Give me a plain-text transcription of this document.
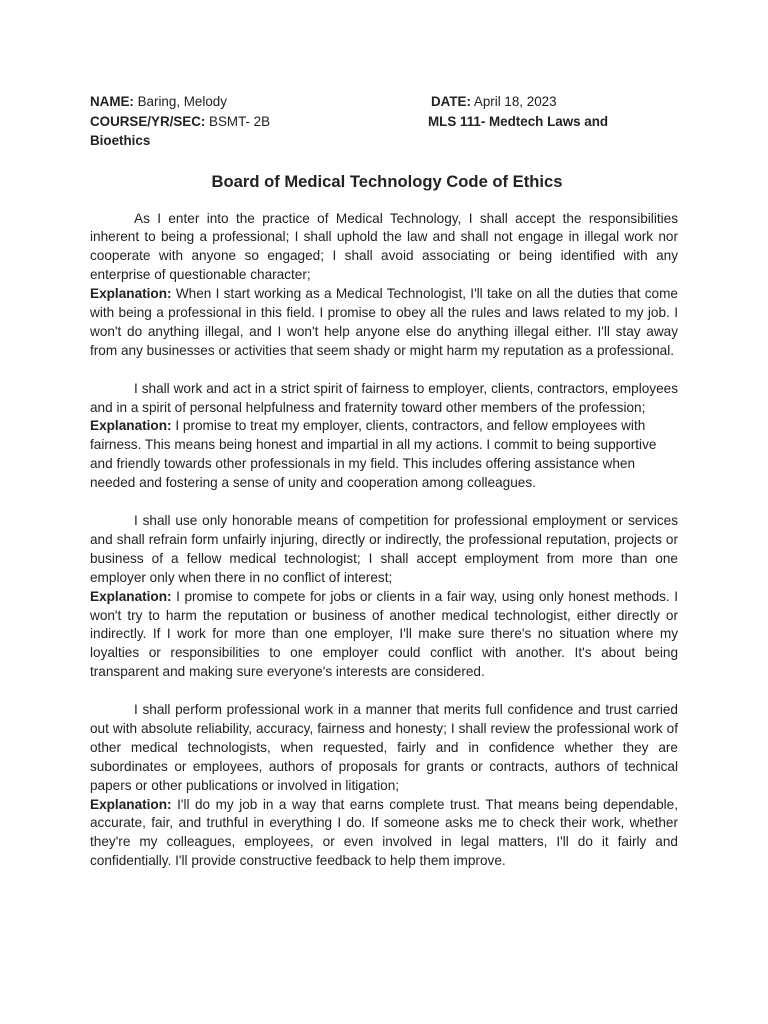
NAME: Baring, Melody	DATE: April 18, 2023
COURSE/YR/SEC: BSMT- 2B	MLS 111- Medtech Laws and
Bioethics
Board of Medical Technology Code of Ethics

As I enter into the practice of Medical Technology, I shall accept the responsibilities inherent to being a professional; I shall uphold the law and shall not engage in illegal work nor cooperate with anyone so engaged; I shall avoid associating or being identified with any enterprise of questionable character;

Explanation: When I start working as a Medical Technologist, I'll take on all the duties that come with being a professional in this field. I promise to obey all the rules and laws related to my job. I won't do anything illegal, and I won't help anyone else do anything illegal either. I'll stay away from any businesses or activities that seem shady or might harm my reputation as a professional.

I shall work and act in a strict spirit of fairness to employer, clients, contractors, employees and in a spirit of personal helpfulness and fraternity toward other members of the profession;

Explanation: I promise to treat my employer, clients, contractors, and fellow employees with fairness. This means being honest and impartial in all my actions. I commit to being supportive and friendly towards other professionals in my field. This includes offering assistance when needed and fostering a sense of unity and cooperation among colleagues.

I shall use only honorable means of competition for professional employment or services and shall refrain form unfairly injuring, directly or indirectly, the professional reputation, projects or business of a fellow medical technologist; I shall accept employment from more than one employer only when there in no conflict of interest;

Explanation: I promise to compete for jobs or clients in a fair way, using only honest methods. I won't try to harm the reputation or business of another medical technologist, either directly or indirectly. If I work for more than one employer, I'll make sure there's no situation where my loyalties or responsibilities to one employer could conflict with another. It's about being transparent and making sure everyone's interests are considered.

I shall perform professional work in a manner that merits full confidence and trust carried out with absolute reliability, accuracy, fairness and honesty; I shall review the professional work of other medical technologists, when requested, fairly and in confidence whether they are subordinates or employees, authors of proposals for grants or contracts, authors of technical papers or other publications or involved in litigation;

Explanation: I'll do my job in a way that earns complete trust. That means being dependable, accurate, fair, and truthful in everything I do. If someone asks me to check their work, whether they're my colleagues, employees, or even involved in legal matters, I'll do it fairly and confidentially. I'll provide constructive feedback to help them improve.
